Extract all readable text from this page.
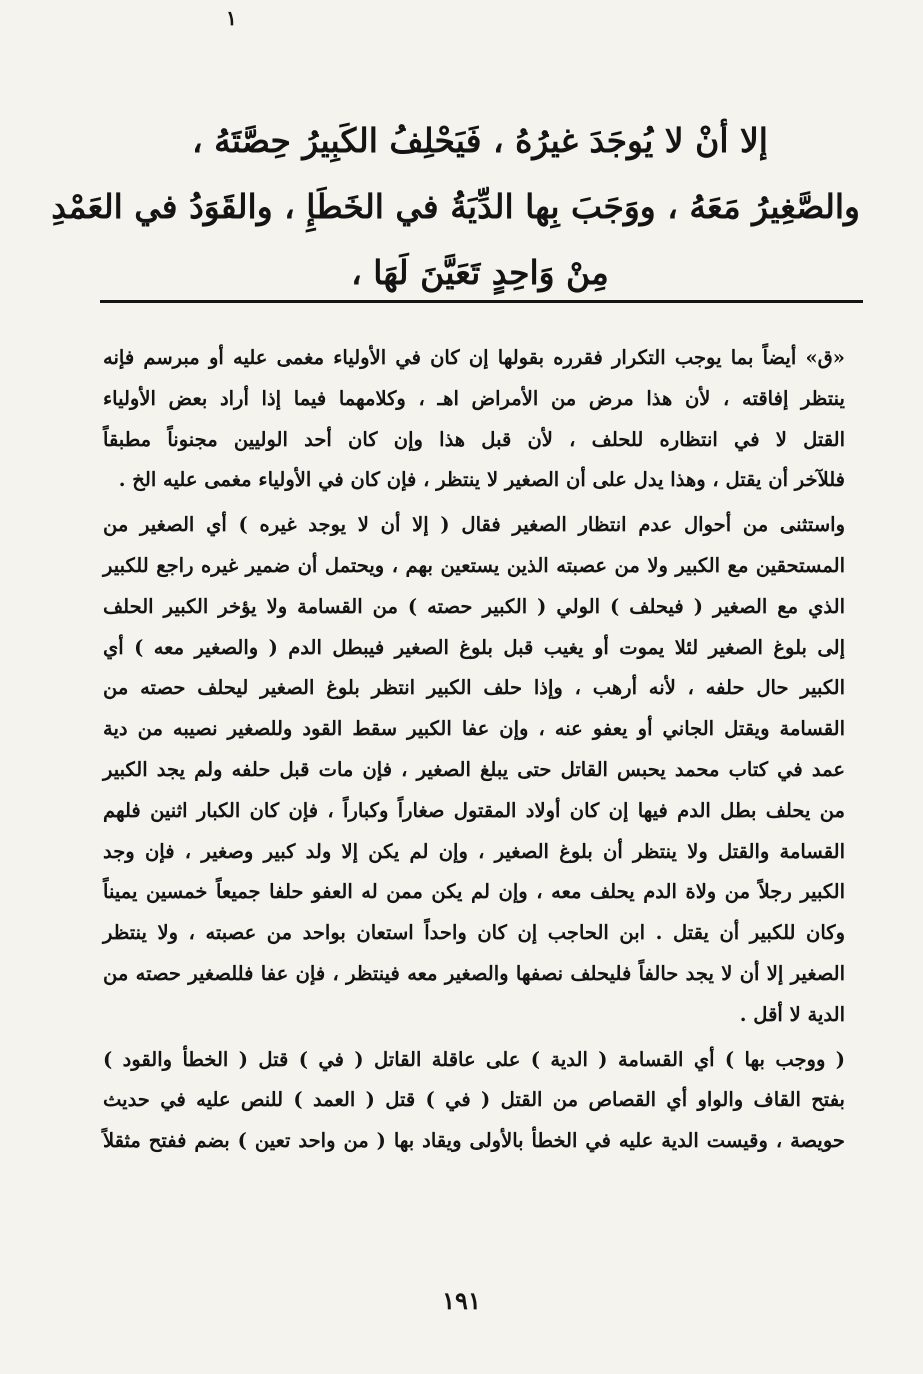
١
إلا أنْ لا يُوجَدَ غيرُهُ ، فَيَحْلِفُ الكَبِيرُ حِصَّتَهُ ،
والصَّغِيرُ مَعَهُ ، ووَجَبَ بِها الدِّيَةُ في الخَطَإِ ، والقَوَدُ في العَمْدِ
مِنْ وَاحِدٍ تَعَيَّنَ لَهَا ،
«ق» أيضاً بما يوجب التكرار فقرره بقولها إن كان في الأولياء مغمى عليه أو مبرسم فإنه
ينتظر إفاقته ، لأن هذا مرض من الأمراض اهـ ، وكلامهما فيما إذا أراد بعض الأولياء
القتل لا في انتظاره للحلف ، لأن قبل هذا وإن كان أحد الوليين مجنوناً مطبقاً
فللآخر أن يقتل ، وهذا يدل على أن الصغير لا ينتظر ، فإن كان في الأولياء مغمى عليه الخ .
واستثنى من أحوال عدم انتظار الصغير فقال ( إلا أن لا يوجد غيره ) أي الصغير من
المستحقين مع الكبير ولا من عصبته الذين يستعين بهم ، ويحتمل أن ضمير غيره راجع للكبير
الذي مع الصغير ( فيحلف ) الولي ( الكبير حصته ) من القسامة ولا يؤخر الكبير الحلف
إلى بلوغ الصغير لئلا يموت أو يغيب قبل بلوغ الصغير فيبطل الدم ( والصغير معه ) أي
الكبير حال حلفه ، لأنه أرهب ، وإذا حلف الكبير انتظر بلوغ الصغير ليحلف حصته من
القسامة ويقتل الجاني أو يعفو عنه ، وإن عفا الكبير سقط القود وللصغير نصيبه من دية
عمد في كتاب محمد يحبس القاتل حتى يبلغ الصغير ، فإن مات قبل حلفه ولم يجد الكبير
من يحلف بطل الدم فيها إن كان أولاد المقتول صغاراً وكباراً ، فإن كان الكبار اثنين فلهم
القسامة والقتل ولا ينتظر أن بلوغ الصغير ، وإن لم يكن إلا ولد كبير وصغير ، فإن وجد
الكبير رجلاً من ولاة الدم يحلف معه ، وإن لم يكن ممن له العفو حلفا جميعاً خمسين يميناً
وكان للكبير أن يقتل . ابن الحاجب إن كان واحداً استعان بواحد من عصبته ، ولا ينتظر
الصغير إلا أن لا يجد حالفاً فليحلف نصفها والصغير معه فينتظر ، فإن عفا فللصغير حصته من
الدية لا أقل .
( ووجب بها ) أي القسامة ( الدية ) على عاقلة القاتل ( في ) قتل ( الخطأ والقود )
بفتح القاف والواو أي القصاص من القتل ( في ) قتل ( العمد ) للنص عليه في حديث
حويصة ، وقيست الدية عليه في الخطأ بالأولى ويقاد بها ( من واحد تعين ) بضم ففتح مثقلاً
١٩١
